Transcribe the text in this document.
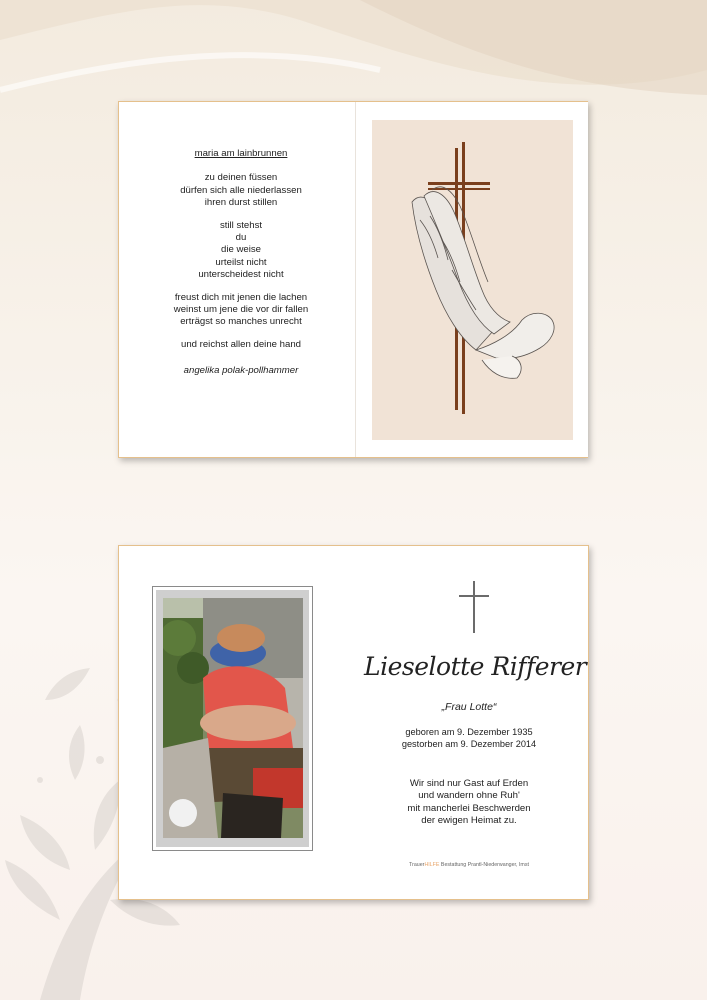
maria am lainbrunnen
zu deinen füssen
dürfen sich alle niederlassen
ihren durst stillen
still stehst
du
die weise
urteilst nicht
unterscheidest nicht
freust dich mit jenen die lachen
weinst um jene die vor dir fallen
erträgst so manches unrecht
und reichst allen deine hand
angelika polak-pollhammer
Lieselotte Rifferer
„Frau Lotte“
geboren am 9. Dezember 1935
gestorben am 9. Dezember 2014
Wir sind nur Gast auf Erden
und wandern ohne Ruh'
mit mancherlei Beschwerden
der ewigen Heimat zu.
TrauerHILFE Bestattung Prantl-Niederwanger, Imst
